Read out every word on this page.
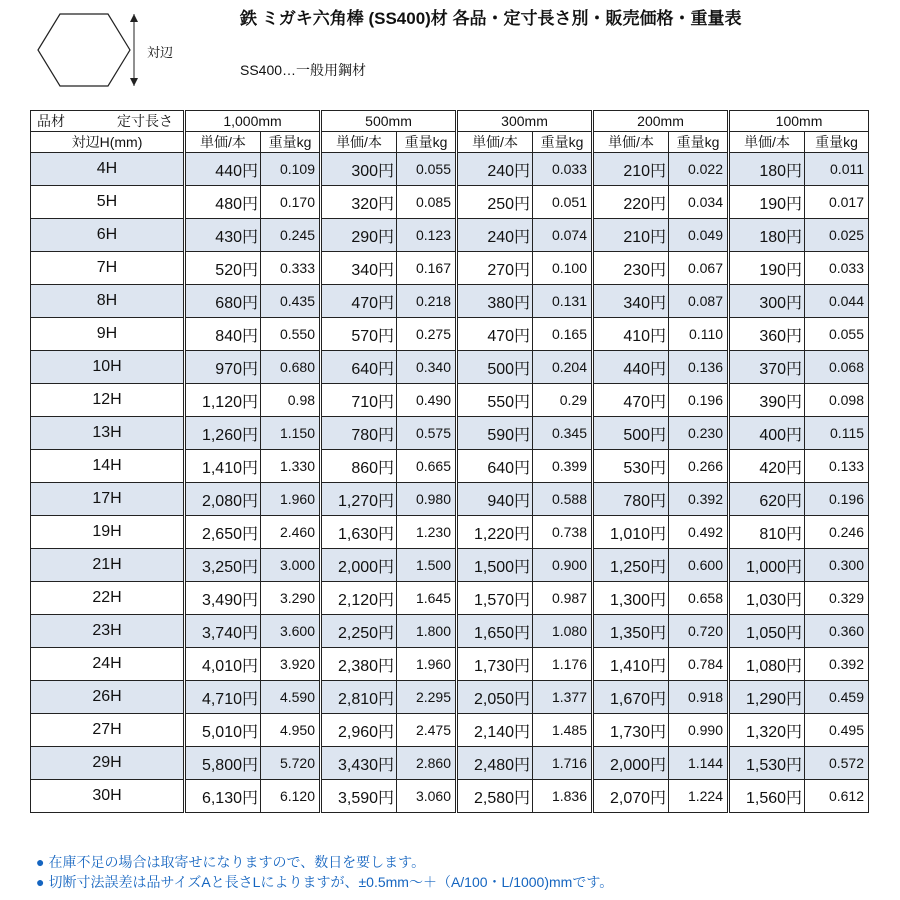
対辺
鉄 ミガキ六角棒 (SS400)材 各品・定寸長さ別・販売価格・重量表
SS400…一般用鋼材
品材 定寸長さ	1,000mm		500mm		300mm		200mm		100mm	
対辺H(mm)	単価/本	重量kg	単価/本	重量kg	単価/本	重量kg	単価/本	重量kg	単価/本	重量kg
4H	440円	0.109	300円	0.055	240円	0.033	210円	0.022	180円	0.011
5H	480円	0.170	320円	0.085	250円	0.051	220円	0.034	190円	0.017
6H	430円	0.245	290円	0.123	240円	0.074	210円	0.049	180円	0.025
7H	520円	0.333	340円	0.167	270円	0.100	230円	0.067	190円	0.033
8H	680円	0.435	470円	0.218	380円	0.131	340円	0.087	300円	0.044
9H	840円	0.550	570円	0.275	470円	0.165	410円	0.110	360円	0.055
10H	970円	0.680	640円	0.340	500円	0.204	440円	0.136	370円	0.068
12H	1,120円	0.98	710円	0.490	550円	0.29	470円	0.196	390円	0.098
13H	1,260円	1.150	780円	0.575	590円	0.345	500円	0.230	400円	0.115
14H	1,410円	1.330	860円	0.665	640円	0.399	530円	0.266	420円	0.133
17H	2,080円	1.960	1,270円	0.980	940円	0.588	780円	0.392	620円	0.196
19H	2,650円	2.460	1,630円	1.230	1,220円	0.738	1,010円	0.492	810円	0.246
21H	3,250円	3.000	2,000円	1.500	1,500円	0.900	1,250円	0.600	1,000円	0.300
22H	3,490円	3.290	2,120円	1.645	1,570円	0.987	1,300円	0.658	1,030円	0.329
23H	3,740円	3.600	2,250円	1.800	1,650円	1.080	1,350円	0.720	1,050円	0.360
24H	4,010円	3.920	2,380円	1.960	1,730円	1.176	1,410円	0.784	1,080円	0.392
26H	4,710円	4.590	2,810円	2.295	2,050円	1.377	1,670円	0.918	1,290円	0.459
27H	5,010円	4.950	2,960円	2.475	2,140円	1.485	1,730円	0.990	1,320円	0.495
29H	5,800円	5.720	3,430円	2.860	2,480円	1.716	2,000円	1.144	1,530円	0.572
30H	6,130円	6.120	3,590円	3.060	2,580円	1.836	2,070円	1.224	1,560円	0.612
● 在庫不足の場合は取寄せになりますので、数日を要します。
● 切断寸法誤差は品サイズAと長さLによりますが、±0.5mm～＋（A/100・L/1000)mmです。
